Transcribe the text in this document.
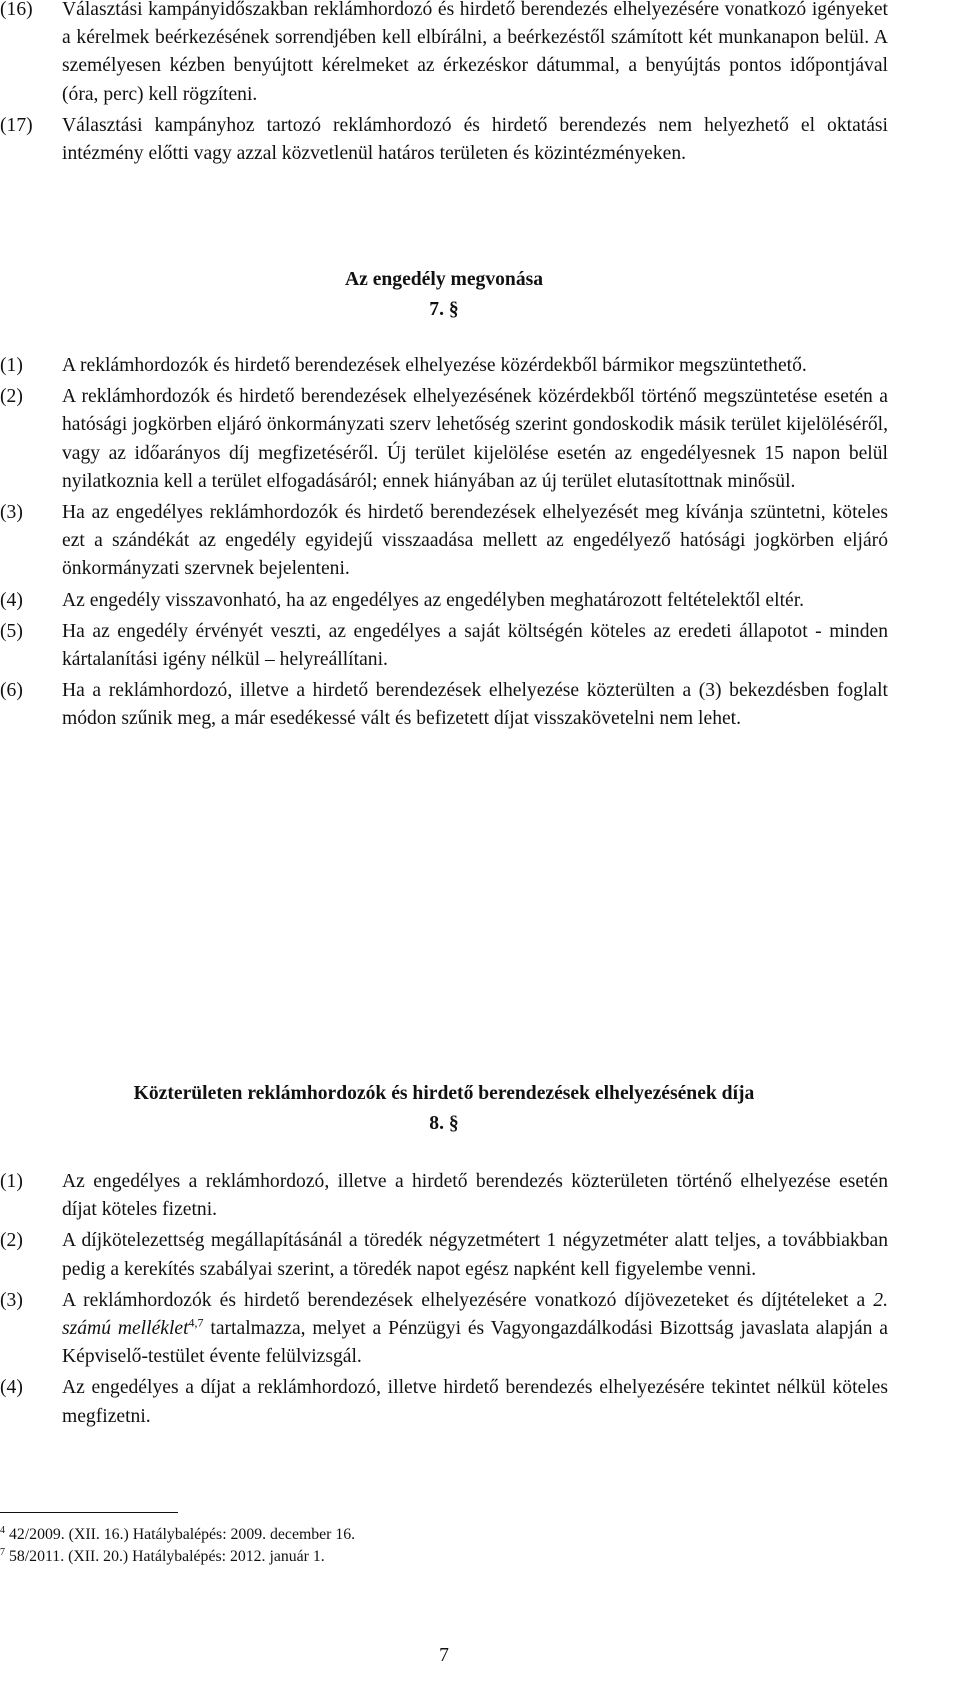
(16) Választási kampányidőszakban reklámhordozó és hirdető berendezés elhelyezésére vonatkozó igényeket a kérelmek beérkezésének sorrendjében kell elbírálni, a beérkezéstől számított két munkanapon belül. A személyesen kézben benyújtott kérelmeket az érkezéskor dátummal, a benyújtás pontos időpontjával (óra, perc) kell rögzíteni.

(17) Választási kampányhoz tartozó reklámhordozó és hirdető berendezés nem helyezhető el oktatási intézmény előtti vagy azzal közvetlenül határos területen és közintézményeken.

Az engedély megvonása
7. §

(1) A reklámhordozók és hirdető berendezések elhelyezése közérdekből bármikor megszüntethető.

(2) A reklámhordozók és hirdető berendezések elhelyezésének közérdekből történő megszüntetése esetén a hatósági jogkörben eljáró önkormányzati szerv lehetőség szerint gondoskodik másik terület kijelöléséről, vagy az időarányos díj megfizetéséről. Új terület kijelölése esetén az engedélyesnek 15 napon belül nyilatkoznia kell a terület elfogadásáról; ennek hiányában az új terület elutasítottnak minősül.

(3) Ha az engedélyes reklámhordozók és hirdető berendezések elhelyezését meg kívánja szüntetni, köteles ezt a szándékát az engedély egyidejű visszaadása mellett az engedélyező hatósági jogkörben eljáró önkormányzati szervnek bejelenteni.

(4) Az engedély visszavonható, ha az engedélyes az engedélyben meghatározott feltételektől eltér.

(5) Ha az engedély érvényét veszti, az engedélyes a saját költségén köteles az eredeti állapotot - minden kártalanítási igény nélkül – helyreállítani.

(6) Ha a reklámhordozó, illetve a hirdető berendezések elhelyezése közterülten a (3) bekezdésben foglalt módon szűnik meg, a már esedékessé vált és befizetett díjat visszakövetelni nem lehet.

Közterületen reklámhordozók és hirdető berendezések elhelyezésének díja
8. §

(1) Az engedélyes a reklámhordozó, illetve a hirdető berendezés közterületen történő elhelyezése esetén díjat köteles fizetni.

(2) A díjkötelezettség megállapításánál a töredék négyzetmétert 1 négyzetméter alatt teljes, a továbbiakban pedig a kerekítés szabályai szerint, a töredék napot egész napként kell figyelembe venni.

(3) A reklámhordozók és hirdető berendezések elhelyezésére vonatkozó díjövezeteket és díjtételeket a 2. számú melléklet$^{4,7}$ tartalmazza, melyet a Pénzügyi és Vagyongazdálkodási Bizottság javaslata alapján a Képviselő-testület évente felülvizsgál.

(4) Az engedélyes a díjat a reklámhordozó, illetve hirdető berendezés elhelyezésére tekintet nélkül köteles megfizetni.

$^4$ 42/2009. (XII. 16.) Hatálybalépés: 2009. december 16.
$^7$ 58/2011. (XII. 20.) Hatálybalépés: 2012. január 1.
7
